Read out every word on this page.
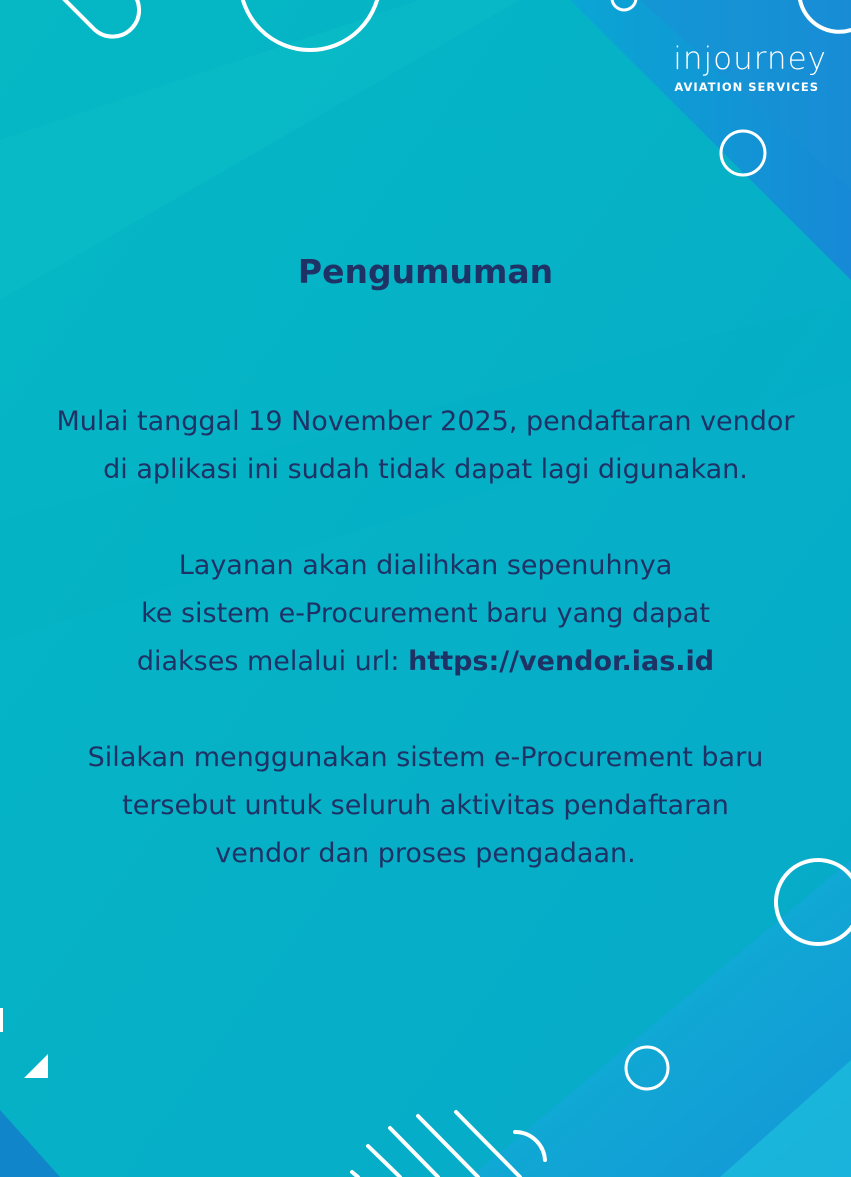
injourney
AVIATION SERVICES
Pengumuman

Mulai tanggal 19 November 2025, pendaftaran vendor
di aplikasi ini sudah tidak dapat lagi digunakan.

Layanan akan dialihkan sepenuhnya
ke sistem e-Procurement baru yang dapat
diakses melalui url: https://vendor.ias.id

Silakan menggunakan sistem e-Procurement baru
tersebut untuk seluruh aktivitas pendaftaran
vendor dan proses pengadaan.
